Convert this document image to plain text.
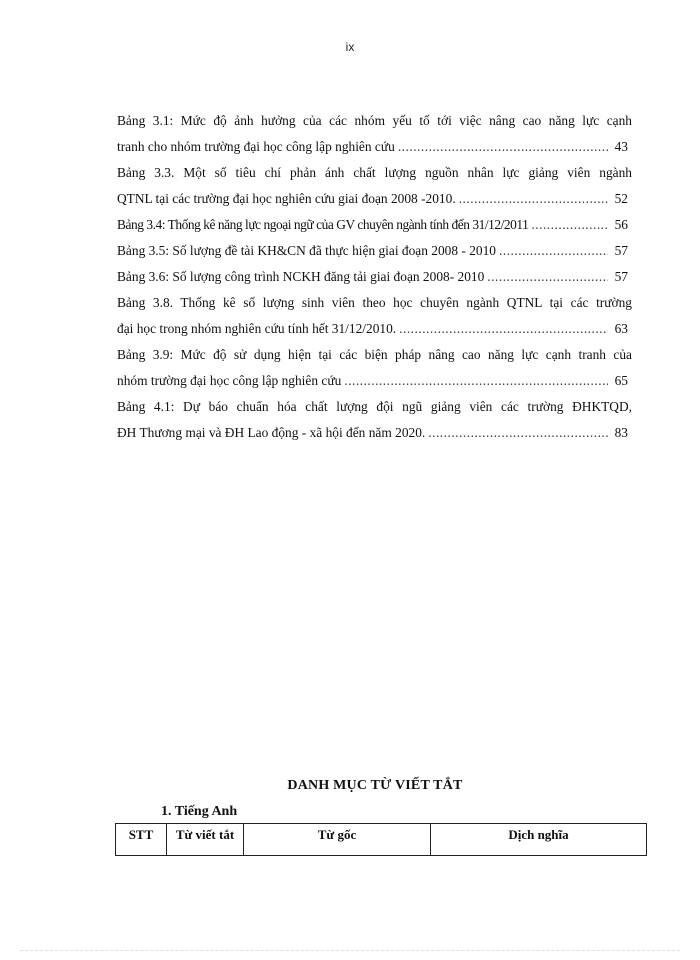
ix
Bảng 3.1: Mức độ ảnh hưởng của các nhóm yếu tố tới việc nâng cao năng lực cạnh
tranh cho nhóm trường đại học công lập nghiên cứu .....	43
Bảng 3.3. Một số tiêu chí phản ánh chất lượng nguồn nhân lực giảng viên ngành
QTNL tại các trường đại học nghiên cứu giai đoạn 2008 -2010. .....	52
Bảng 3.4: Thống kê năng lực ngoại ngữ của GV chuyên ngành tính đến 31/12/2011 .....	56
Bảng 3.5: Số lượng đề tài KH&CN đã thực hiện giai đoạn 2008 - 2010 .....	57
Bảng 3.6: Số lượng công trình NCKH đăng tải giai đoạn 2008- 2010 .....	57
Bảng 3.8. Thống kê số lượng sinh viên theo học chuyên ngành QTNL tại các trường
đại học trong nhóm nghiên cứu tính hết 31/12/2010. .....	63
Bảng 3.9: Mức độ sử dụng hiện tại các biện pháp nâng cao năng lực cạnh tranh của
nhóm trường đại học công lập nghiên cứu .....	65
Bảng 4.1: Dự báo chuẩn hóa chất lượng đội ngũ giảng viên các trường ĐHKTQD,
ĐH Thương mại và ĐH Lao động - xã hội đến năm 2020. .....	83
DANH MỤC TỪ VIẾT TẮT
1. Tiếng Anh
STT	Từ viết tắt	Từ gốc	Dịch nghĩa
